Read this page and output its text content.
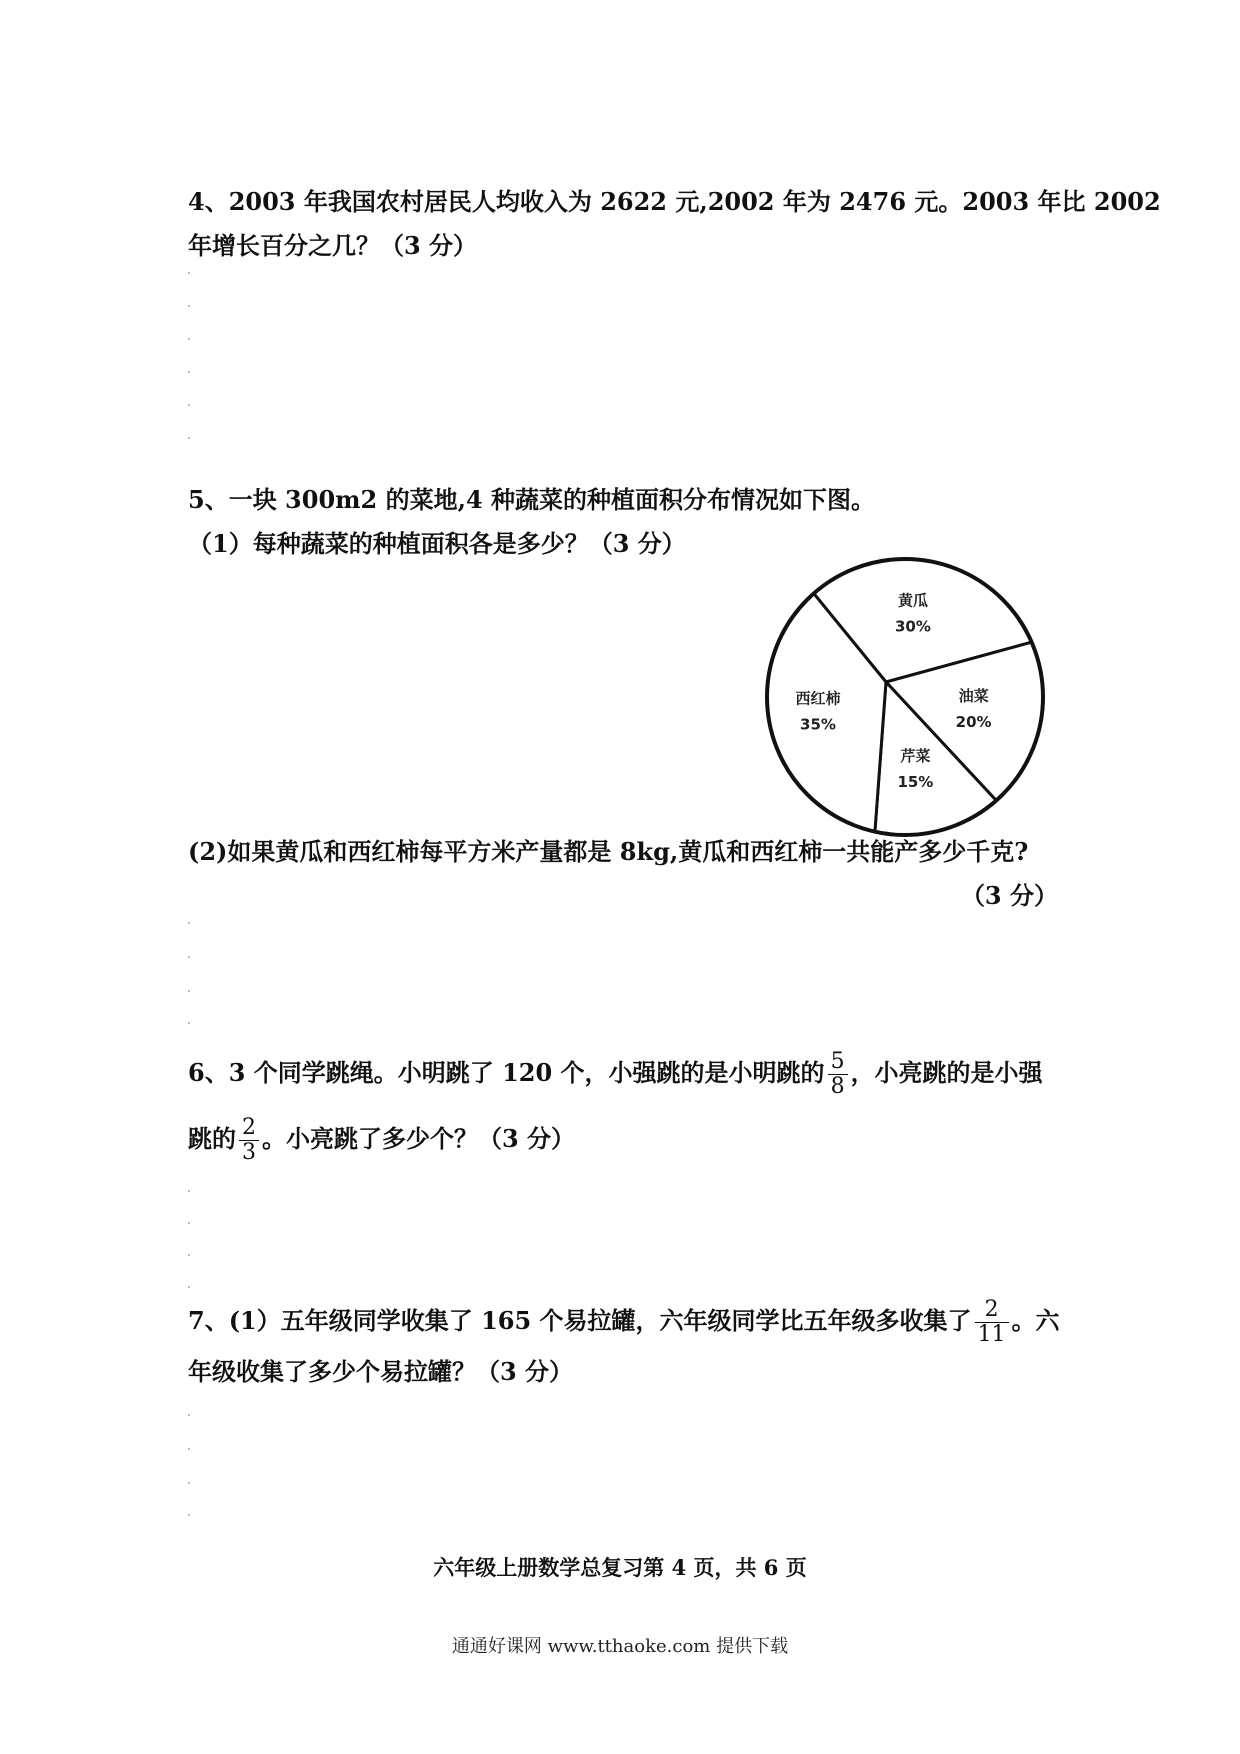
4、2003 年我国农村居民人均收入为 2622 元,2002 年为 2476 元。2003 年比 2002
年增长百分之几？（3 分）
5、一块 300m2 的菜地,4 种蔬菜的种植面积分布情况如下图。
（1）每种蔬菜的种植面积各是多少？（3 分）
黄瓜
30%
油菜
20%
芹菜
15%
西红柿
35%
(2)如果黄瓜和西红柿每平方米产量都是 8kg,黄瓜和西红柿一共能产多少千克?
（3 分）
6、3 个同学跳绳。小明跳了 120 个，小强跳的是小明跳的 $\frac{5}{8}$ ，小亮跳的是小强
跳的 $\frac{2}{3}$ 。小亮跳了多少个？（3 分）
7、(1）五年级同学收集了 165 个易拉罐，六年级同学比五年级多收集了 $\frac{2}{11}$ 。六
年级收集了多少个易拉罐？（3 分）
六年级上册数学总复习第 4 页，共 6 页
通通好课网 www.tthaoke.com 提供下载
